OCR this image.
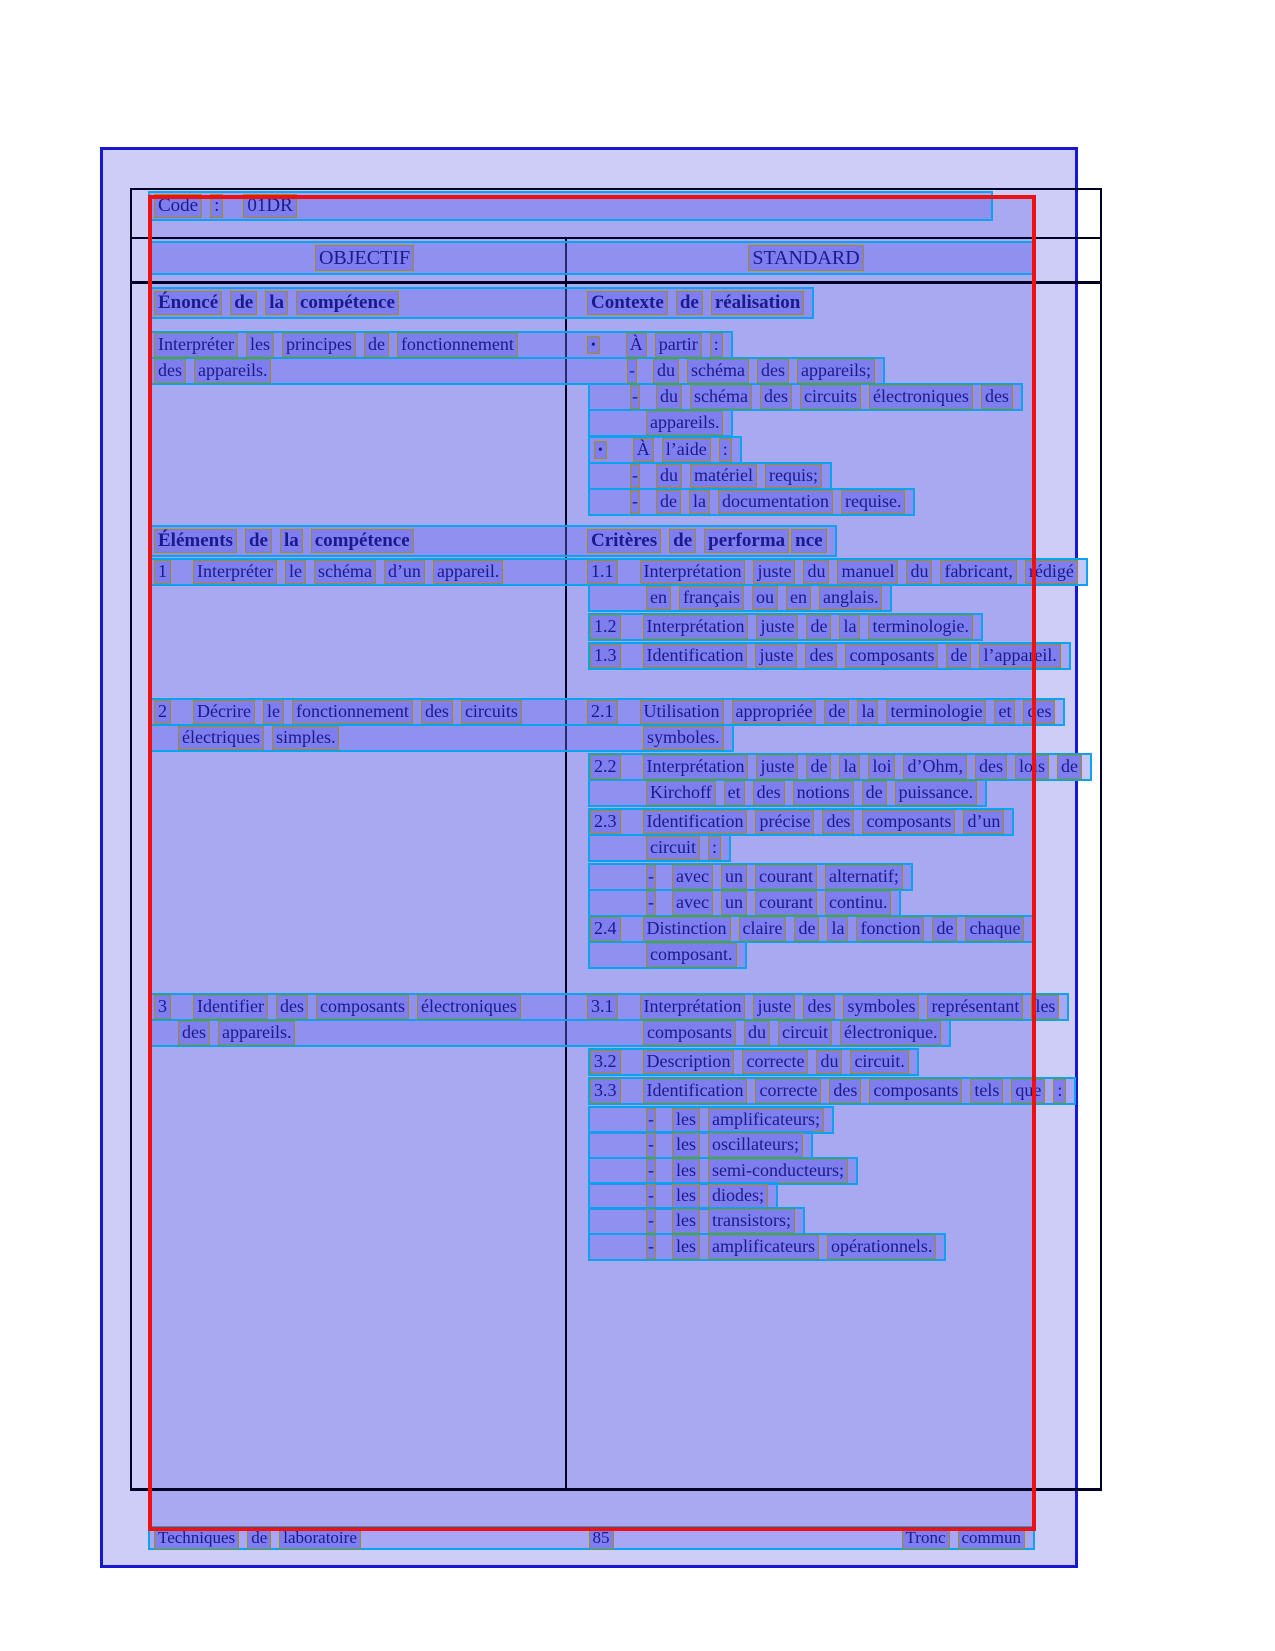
Code : 01DR
OBJECTIF	STANDARD
Énoncé de la compétence	Contexte de réalisation
Interpréter les principes de fonctionnement	• À partir :
des appareils.	- du schéma des appareils;
- du schéma des circuits électroniques des
appareils.
• À l’aide :
- du matériel requis;
- de la documentation requise.
Éléments de la compétence	Critères de performa nce
1 Interpréter le schéma d’un appareil.	1.1 Interprétation juste du manuel du fabricant, rédigé
en français ou en anglais.
1.2 Interprétation juste de la terminologie.
1.3 Identification juste des composants de l’appareil.
2 Décrire le fonctionnement des circuits	2.1 Utilisation appropriée de la terminologie et des
électriques simples.	symboles.
2.2 Interprétation juste de la loi d’Ohm, des lois de
Kirchoff et des notions de puissance.
2.3 Identification précise des composants d’un
circuit :
- avec un courant alternatif;
- avec un courant continu.
2.4 Distinction claire de la fonction de chaque
composant.
3 Identifier des composants électroniques	3.1 Interprétation juste des symboles représentant les
des appareils.	composants du circuit électronique.
3.2 Description correcte du circuit.
3.3 Identification correcte des composants tels que :
- les amplificateurs;
- les oscillateurs;
- les semi-conducteurs;
- les diodes;
- les transistors;
- les amplificateurs opérationnels.
Techniques de laboratoire	85	Tronc commun
